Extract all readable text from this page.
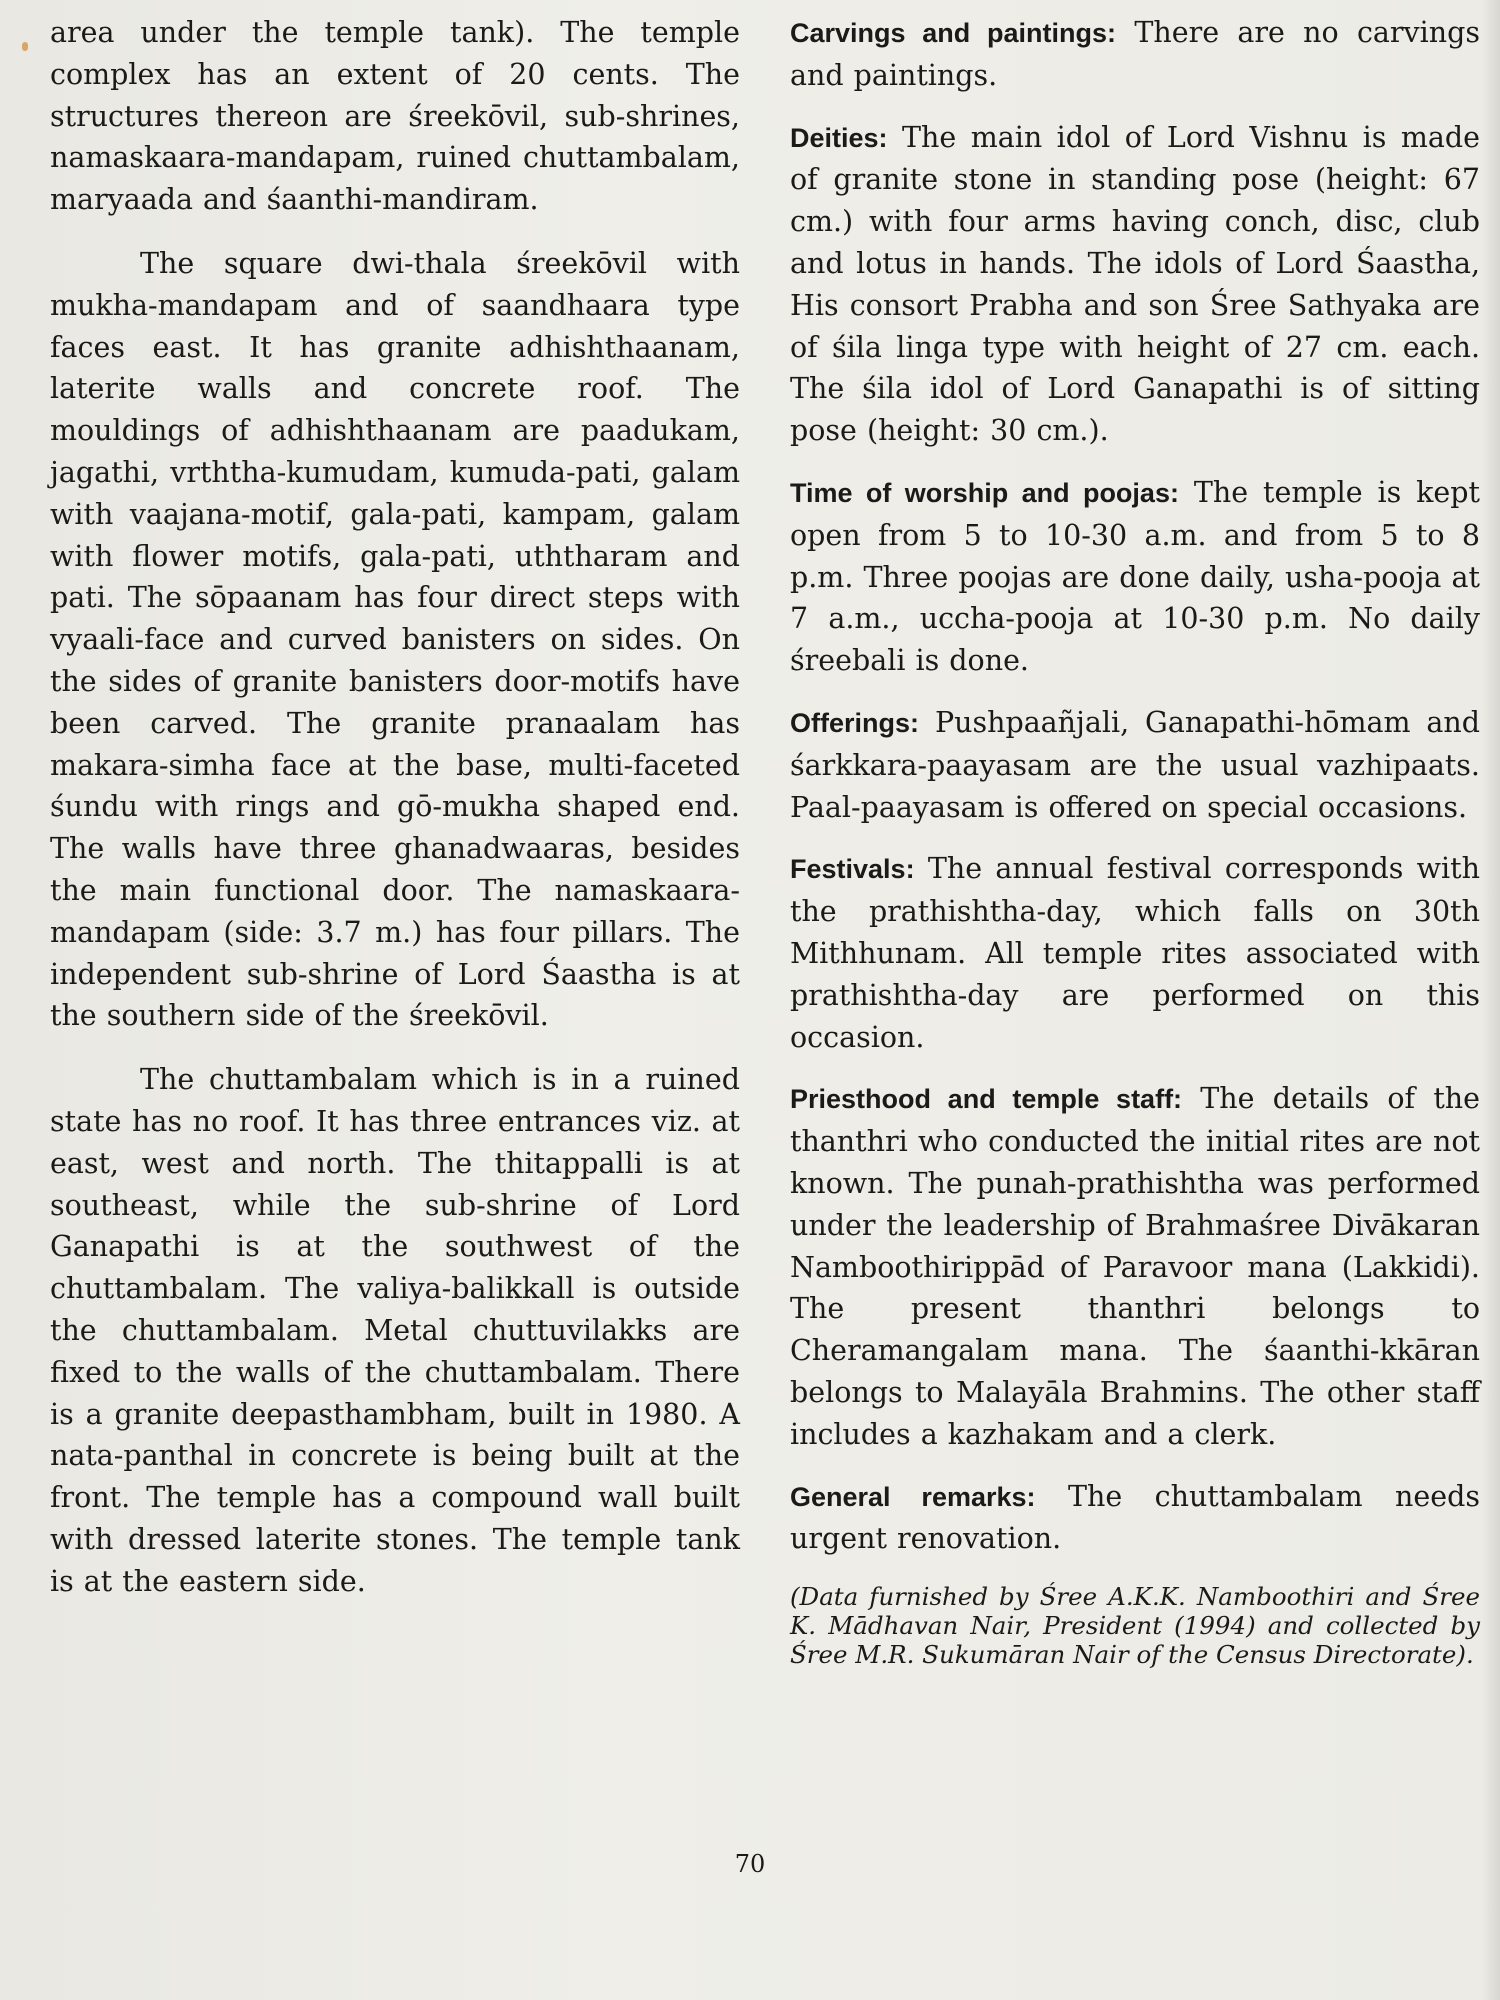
area under the temple tank). The temple complex has an extent of 20 cents. The structures thereon are śreekōvil, sub-shrines, namaskaara-mandapam, ruined chuttambalam, maryaada and śaanthi-mandiram.

The square dwi-thala śreekōvil with mukha-mandapam and of saandhaara type faces east. It has granite adhishthaanam, laterite walls and concrete roof. The mouldings of adhishthaanam are paadukam, jagathi, vrththa-kumudam, kumuda-pati, galam with vaajana-motif, gala-pati, kampam, galam with flower motifs, gala-pati, uththaram and pati. The sōpaanam has four direct steps with vyaali-face and curved banisters on sides. On the sides of granite banisters door-motifs have been carved. The granite pranaalam has makara-simha face at the base, multi-faceted śundu with rings and gō-mukha shaped end. The walls have three ghanadwaaras, besides the main functional door. The namaskaara-mandapam (side: 3.7 m.) has four pillars. The independent sub-shrine of Lord Śaastha is at the southern side of the śreekōvil.

The chuttambalam which is in a ruined state has no roof. It has three entrances viz. at east, west and north. The thitappalli is at southeast, while the sub-shrine of Lord Ganapathi is at the southwest of the chuttambalam. The valiya-balikkall is outside the chuttambalam. Metal chuttuvilakks are fixed to the walls of the chuttambalam. There is a granite deepasthambham, built in 1980. A nata-panthal in concrete is being built at the front. The temple has a compound wall built with dressed laterite stones. The temple tank is at the eastern side.

Carvings and paintings: There are no carvings and paintings.

Deities: The main idol of Lord Vishnu is made of granite stone in standing pose (height: 67 cm.) with four arms having conch, disc, club and lotus in hands. The idols of Lord Śaastha, His consort Prabha and son Śree Sathyaka are of śila linga type with height of 27 cm. each. The śila idol of Lord Ganapathi is of sitting pose (height: 30 cm.).

Time of worship and poojas: The temple is kept open from 5 to 10-30 a.m. and from 5 to 8 p.m. Three poojas are done daily, usha-pooja at 7 a.m., uccha-pooja at 10-30 p.m. No daily śreebali is done.

Offerings: Pushpaañjali, Ganapathi-hōmam and śarkkara-paayasam are the usual vazhipaats. Paal-paayasam is offered on special occasions.

Festivals: The annual festival corresponds with the prathishtha-day, which falls on 30th Mithhunam. All temple rites associated with prathishtha-day are performed on this occasion.

Priesthood and temple staff: The details of the thanthri who conducted the initial rites are not known. The punah-prathishtha was performed under the leadership of Brahmaśree Divākaran Namboothirippād of Paravoor mana (Lakkidi). The present thanthri belongs to Cheramangalam mana. The śaanthi-kkāran belongs to Malayāla Brahmins. The other staff includes a kazhakam and a clerk.

General remarks: The chuttambalam needs urgent renovation.

(Data furnished by Śree A.K.K. Namboothiri and Śree K. Mādhavan Nair, President (1994) and collected by Śree M.R. Sukumāran Nair of the Census Directorate).

70
